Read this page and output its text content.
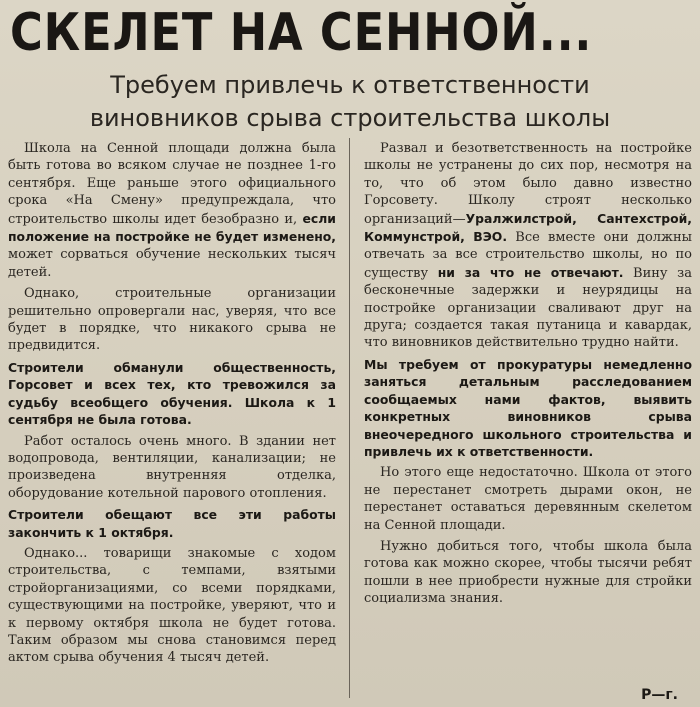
СКЕЛЕТ НА СЕННОЙ...
Требуем привлечь к ответственности
виновников срыва строительства школы

Школа на Сенной площади должна была быть готова во всяком случае не позднее 1-го сентября. Еще раньше этого официального срока «На Смену» предупреждала, что строительство школы идет безобразно и, если положение на постройке не будет изменено, может сорваться обучение нескольких тысяч детей.

Однако, строительные организации решительно опровергали нас, уверяя, что все будет в порядке, что никакого срыва не предвидится.

Строители обманули общественность, Горсовет и всех тех, кто тревожился за судьбу всеобщего обучения. Школа к 1 сентября не была готова.

Работ осталось очень много. В здании нет водопровода, вентиляции, канализации; не произведена внутренняя отделка, оборудование котельной парового отопления.

Строители обещают все эти работы закончить к 1 октября.

Однако... товарищи знакомые с ходом строительства, с темпами, взятыми стройорганизациями, со всеми порядками, существующими на постройке, уверяют, что и к первому октября школа не будет готова. Таким образом мы снова становимся перед актом срыва обучения 4 тысяч детей.

Развал и безответственность на постройке школы не устранены до сих пор, несмотря на то, что об этом было давно известно Горсовету. Школу строят несколько организаций—Уралжилстрой, Сантехстрой, Коммунстрой, ВЭО. Все вместе они должны отвечать за все строительство школы, но по существу ни за что не отвечают. Вину за бесконечные задержки и неурядицы на постройке организации сваливают друг на друга; создается такая путаница и кавардак, что виновников действительно трудно найти.

Мы требуем от прокуратуры немедленно заняться детальным расследованием сообщаемых нами фактов, выявить конкретных виновников срыва внеочередного школьного строительства и привлечь их к ответственности.

Но этого еще недостаточно. Школа от этого не перестанет смотреть дырами окон, не перестанет оставаться деревянным скелетом на Сенной площади.

Нужно добиться того, чтобы школа была готова как можно скорее, чтобы тысячи ребят пошли в нее приобрести нужные для стройки социализма знания.

Р—г.
